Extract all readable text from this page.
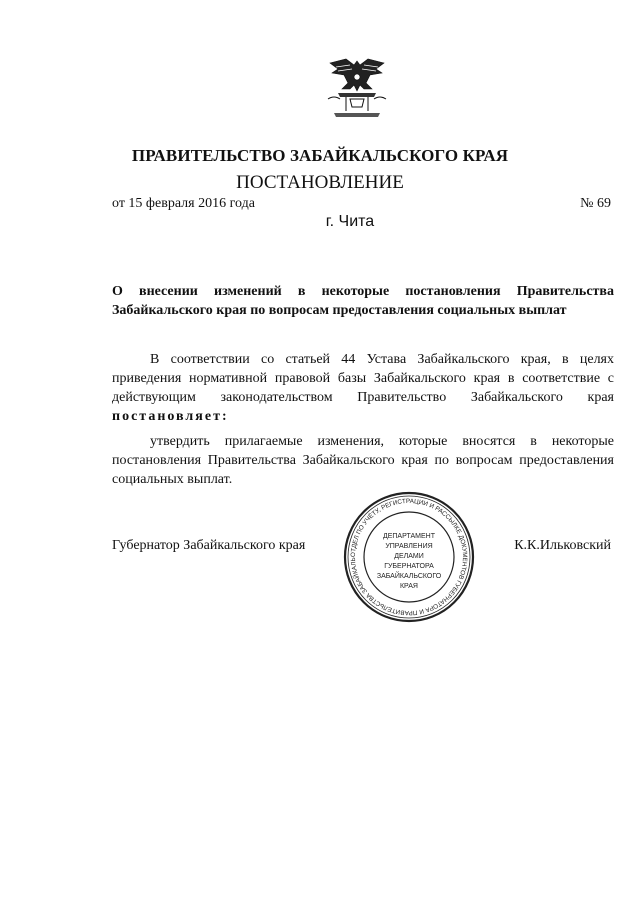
ПРАВИТЕЛЬСТВО ЗАБАЙКАЛЬСКОГО КРАЯ
ПОСТАНОВЛЕНИЕ
от 15 февраля 2016 года	№ 69
г. Чита
О внесении изменений в некоторые постановления Правительства Забайкальского края по вопросам предоставления социальных выплат
В соответствии со статьей 44 Устава Забайкальского края, в целях приведения нормативной правовой базы Забайкальского края в соответствие с действующим законодательством Правительство Забайкальского края постановляет:
утвердить прилагаемые изменения, которые вносятся в некоторые постановления Правительства Забайкальского края по вопросам предоставления социальных выплат.
Губернатор Забайкальского края	К.К.Ильковский
ОТДЕЛ ПО УЧЁТУ, РЕГИСТРАЦИИ И РАССЫЛКЕ ДОКУМЕНТОВ ГУБЕРНАТОРА И ПРАВИТЕЛЬСТВА ЗАБАЙКАЛЬ
ДЕПАРТАМЕНТ
УПРАВЛЕНИЯ
ДЕЛАМИ
ГУБЕРНАТОРА
ЗАБАЙКАЛЬСКОГО
КРАЯ
